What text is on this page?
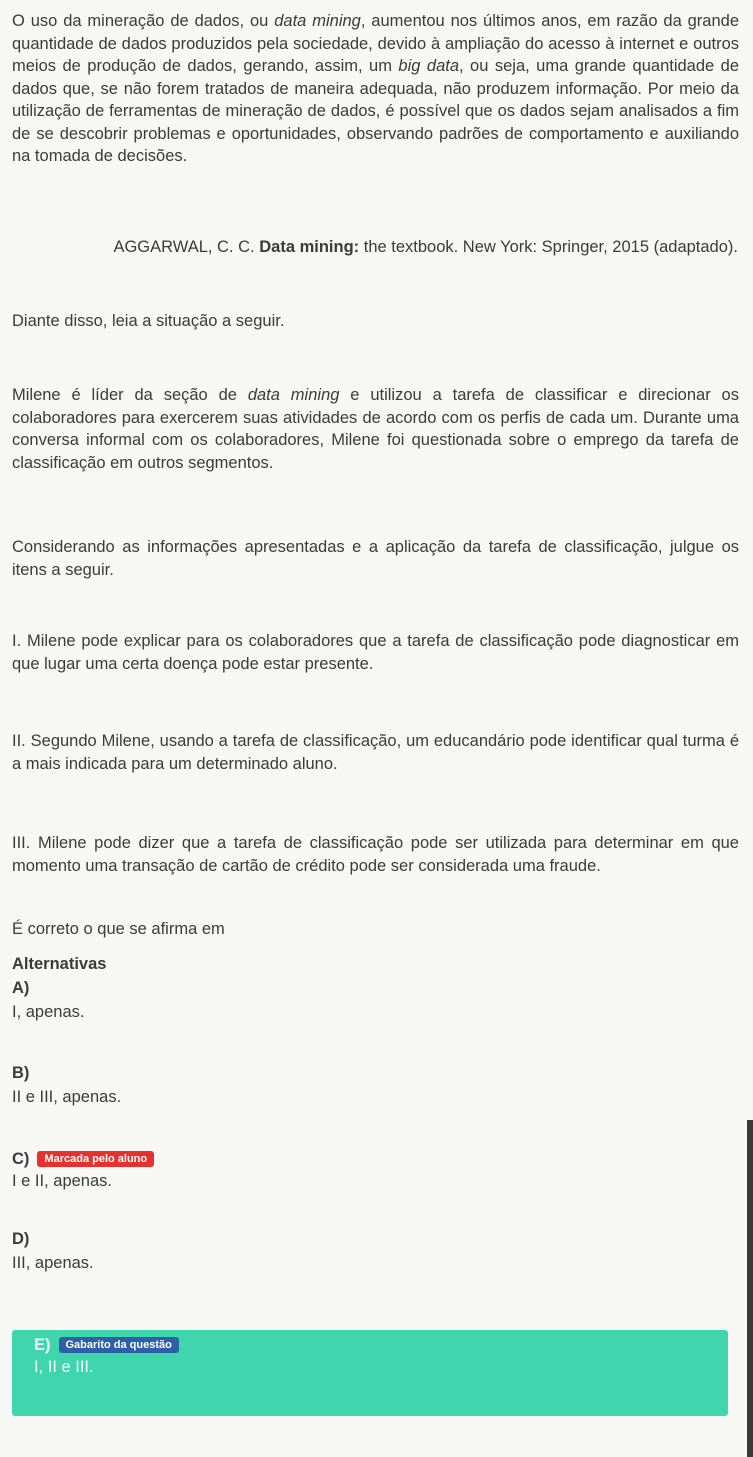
O uso da mineração de dados, ou data mining, aumentou nos últimos anos, em razão da grande quantidade de dados produzidos pela sociedade, devido à ampliação do acesso à internet e outros meios de produção de dados, gerando, assim, um big data, ou seja, uma grande quantidade de dados que, se não forem tratados de maneira adequada, não produzem informação. Por meio da utilização de ferramentas de mineração de dados, é possível que os dados sejam analisados a fim de se descobrir problemas e oportunidades, observando padrões de comportamento e auxiliando na tomada de decisões.

AGGARWAL, C. C. Data mining: the textbook. New York: Springer, 2015 (adaptado).

Diante disso, leia a situação a seguir.

Milene é líder da seção de data mining e utilizou a tarefa de classificar e direcionar os colaboradores para exercerem suas atividades de acordo com os perfis de cada um. Durante uma conversa informal com os colaboradores, Milene foi questionada sobre o emprego da tarefa de classificação em outros segmentos.

Considerando as informações apresentadas e a aplicação da tarefa de classificação, julgue os itens a seguir.

I. Milene pode explicar para os colaboradores que a tarefa de classificação pode diagnosticar em que lugar uma certa doença pode estar presente.

II. Segundo Milene, usando a tarefa de classificação, um educandário pode identificar qual turma é a mais indicada para um determinado aluno.

III. Milene pode dizer que a tarefa de classificação pode ser utilizada para determinar em que momento uma transação de cartão de crédito pode ser considerada uma fraude.

É correto o que se afirma em

Alternativas
A)
I, apenas.
B)
II e III, apenas.
C) Marcada pelo aluno
I e II, apenas.
D)
III, apenas.
E) Gabarito da questão
I, II e III.
